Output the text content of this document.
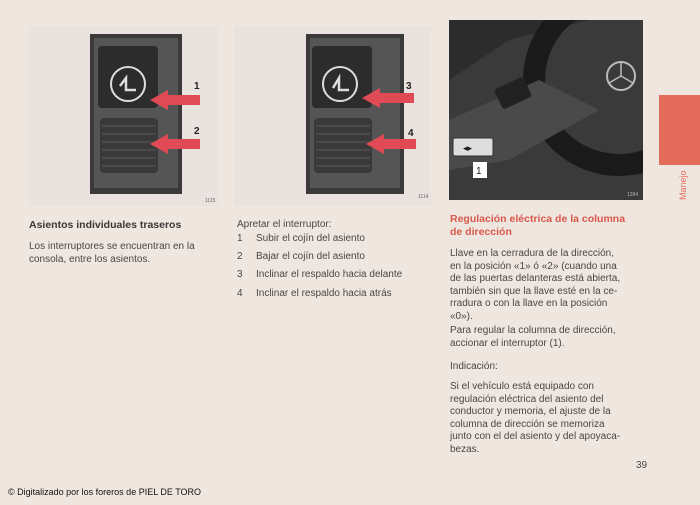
1
2
1115
3
4
1114
◂▸
1
1394
Asientos individuales traseros
Los interruptores se encuentran en la
consola, entre los asientos.
Apretar el interruptor:
1 Subir el cojín del asiento
2 Bajar el cojín del asiento
3 Inclinar el respaldo hacia delante
4 Inclinar el respaldo hacia atrás
Regulación eléctrica de la columna
de dirección
Llave en la cerradura de la dirección,
en la posición «1» ó «2» (cuando una
de las puertas delanteras está abierta,
también sin que la llave esté en la ce-
rradura o con la llave en la posición
«0»).
Para regular la columna de dirección,
accionar el interruptor (1).
Indicación:
Si el vehículo está equipado con
regulación eléctrica del asiento del
conductor y memoria, el ajuste de la
columna de dirección se memoriza
junto con el del asiento y del apoyaca-
bezas.
Manejo
39
© Digitalizado por los foreros de PIEL DE TORO
